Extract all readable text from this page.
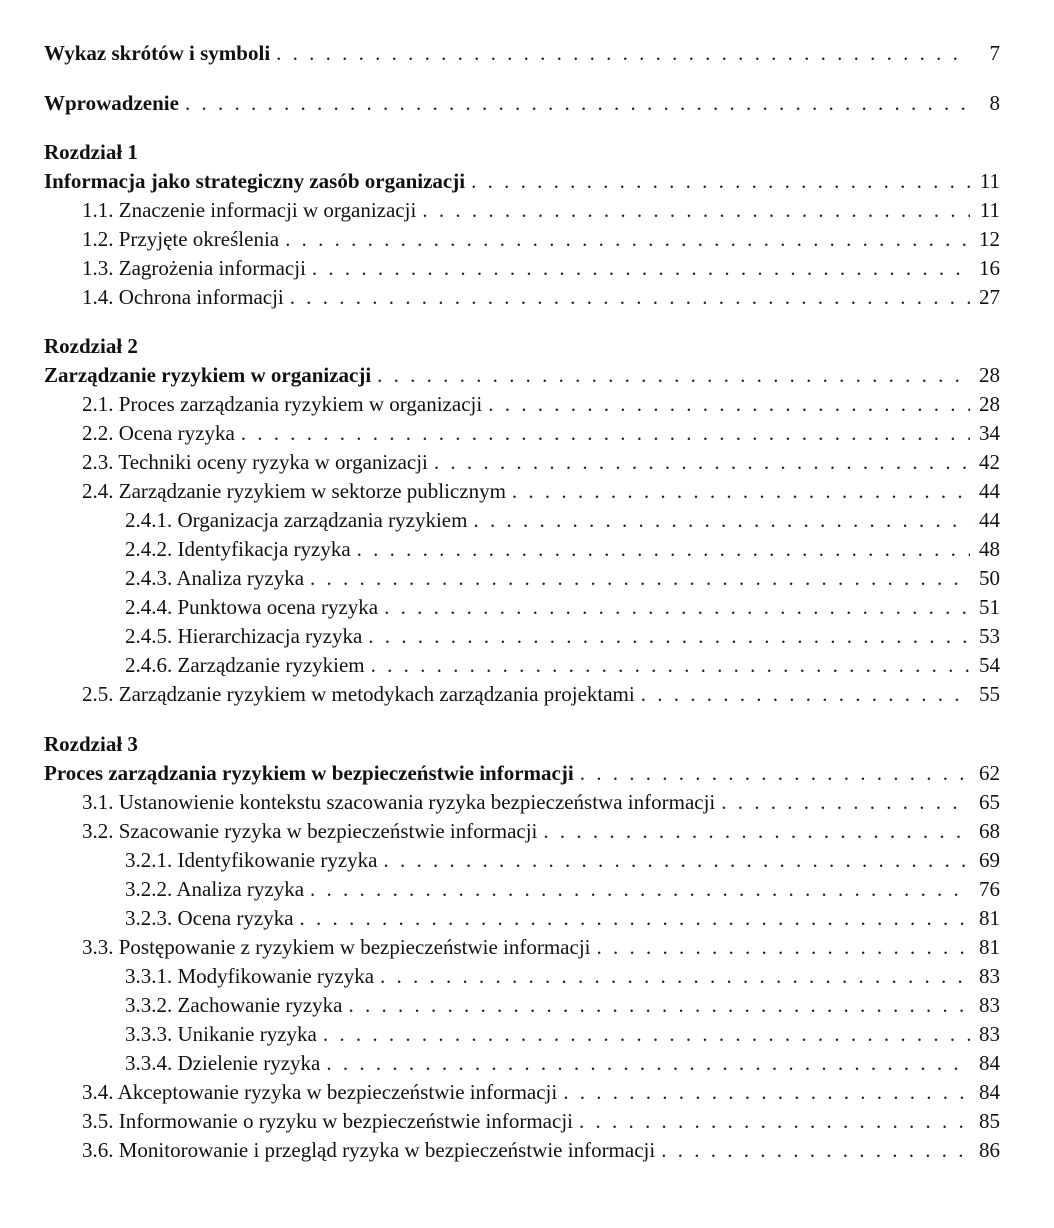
Wykaz skrótów i symboli . . .	7
Wprowadzenie . . .	8
Rozdział 1
Informacja jako strategiczny zasób organizacji . . .	11
1.1. Znaczenie informacji w organizacji . . .	11
1.2. Przyjęte określenia . . .	12
1.3. Zagrożenia informacji . . .	16
1.4. Ochrona informacji . . .	27
Rozdział 2
Zarządzanie ryzykiem w organizacji . . .	28
2.1. Proces zarządzania ryzykiem w organizacji . . .	28
2.2. Ocena ryzyka . . .	34
2.3. Techniki oceny ryzyka w organizacji . . .	42
2.4. Zarządzanie ryzykiem w sektorze publicznym . . .	44
2.4.1. Organizacja zarządzania ryzykiem . . .	44
2.4.2. Identyfikacja ryzyka . . .	48
2.4.3. Analiza ryzyka . . .	50
2.4.4. Punktowa ocena ryzyka . . .	51
2.4.5. Hierarchizacja ryzyka . . .	53
2.4.6. Zarządzanie ryzykiem . . .	54
2.5. Zarządzanie ryzykiem w metodykach zarządzania projektami . . .	55
Rozdział 3
Proces zarządzania ryzykiem w bezpieczeństwie informacji . . .	62
3.1. Ustanowienie kontekstu szacowania ryzyka bezpieczeństwa informacji . . .	65
3.2. Szacowanie ryzyka w bezpieczeństwie informacji . . .	68
3.2.1. Identyfikowanie ryzyka . . .	69
3.2.2. Analiza ryzyka . . .	76
3.2.3. Ocena ryzyka . . .	81
3.3. Postępowanie z ryzykiem w bezpieczeństwie informacji . . .	81
3.3.1. Modyfikowanie ryzyka . . .	83
3.3.2. Zachowanie ryzyka . . .	83
3.3.3. Unikanie ryzyka . . .	83
3.3.4. Dzielenie ryzyka . . .	84
3.4. Akceptowanie ryzyka w bezpieczeństwie informacji . . .	84
3.5. Informowanie o ryzyku w bezpieczeństwie informacji . . .	85
3.6. Monitorowanie i przegląd ryzyka w bezpieczeństwie informacji . . .	86
